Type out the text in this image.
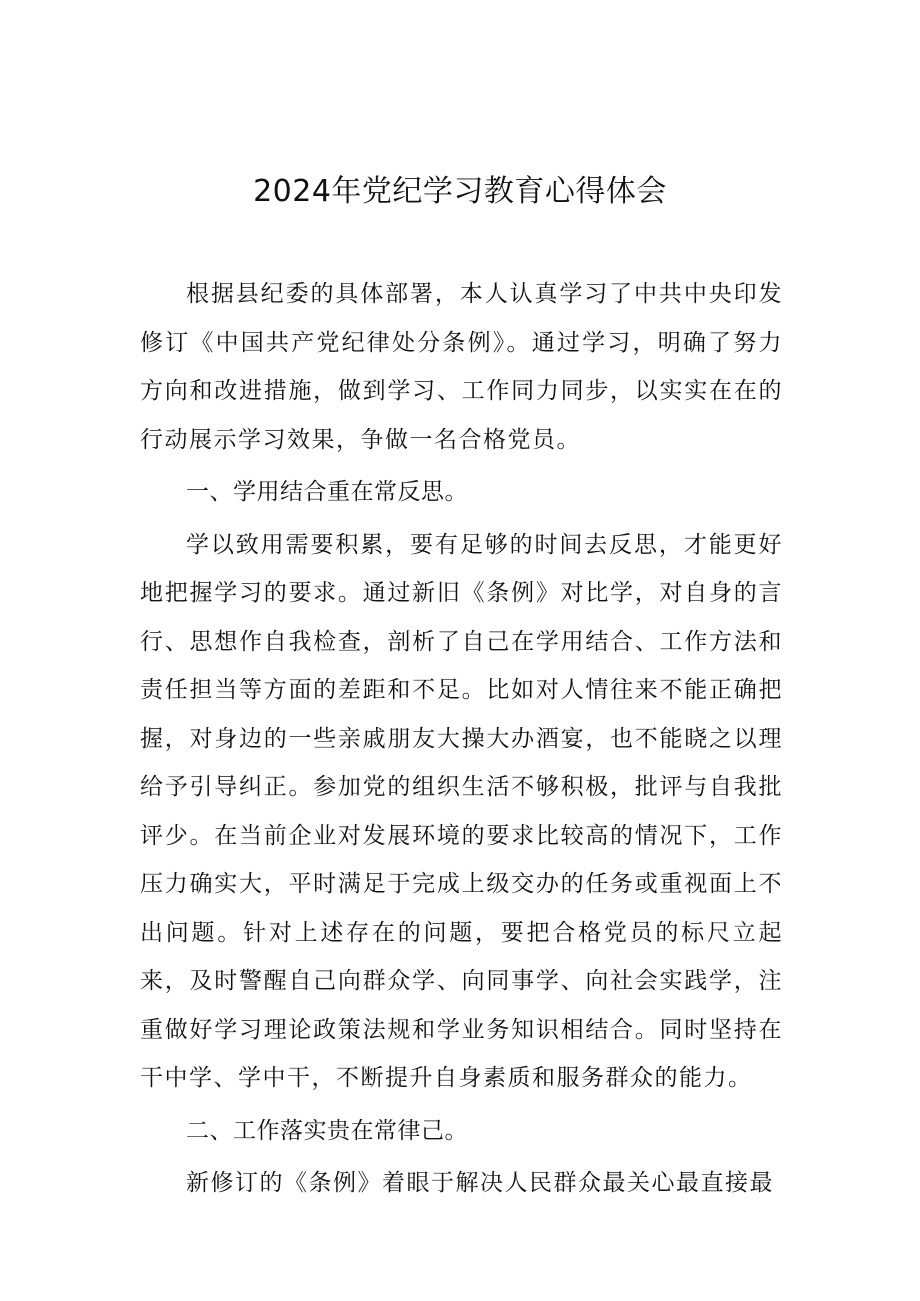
2024年党纪学习教育心得体会

根据县纪委的具体部署，本人认真学习了中共中央印发修订《中国共产党纪律处分条例》。通过学习，明确了努力方向和改进措施，做到学习、工作同力同步，以实实在在的行动展示学习效果，争做一名合格党员。

一、学用结合重在常反思。

学以致用需要积累，要有足够的时间去反思，才能更好地把握学习的要求。通过新旧《条例》对比学，对自身的言行、思想作自我检查，剖析了自己在学用结合、工作方法和责任担当等方面的差距和不足。比如对人情往来不能正确把握，对身边的一些亲戚朋友大操大办酒宴，也不能晓之以理给予引导纠正。参加党的组织生活不够积极，批评与自我批评少。在当前企业对发展环境的要求比较高的情况下，工作压力确实大，平时满足于完成上级交办的任务或重视面上不出问题。针对上述存在的问题，要把合格党员的标尺立起来，及时警醒自己向群众学、向同事学、向社会实践学，注重做好学习理论政策法规和学业务知识相结合。同时坚持在干中学、学中干，不断提升自身素质和服务群众的能力。

二、工作落实贵在常律己。

新修订的《条例》着眼于解决人民群众最关心最直接最
